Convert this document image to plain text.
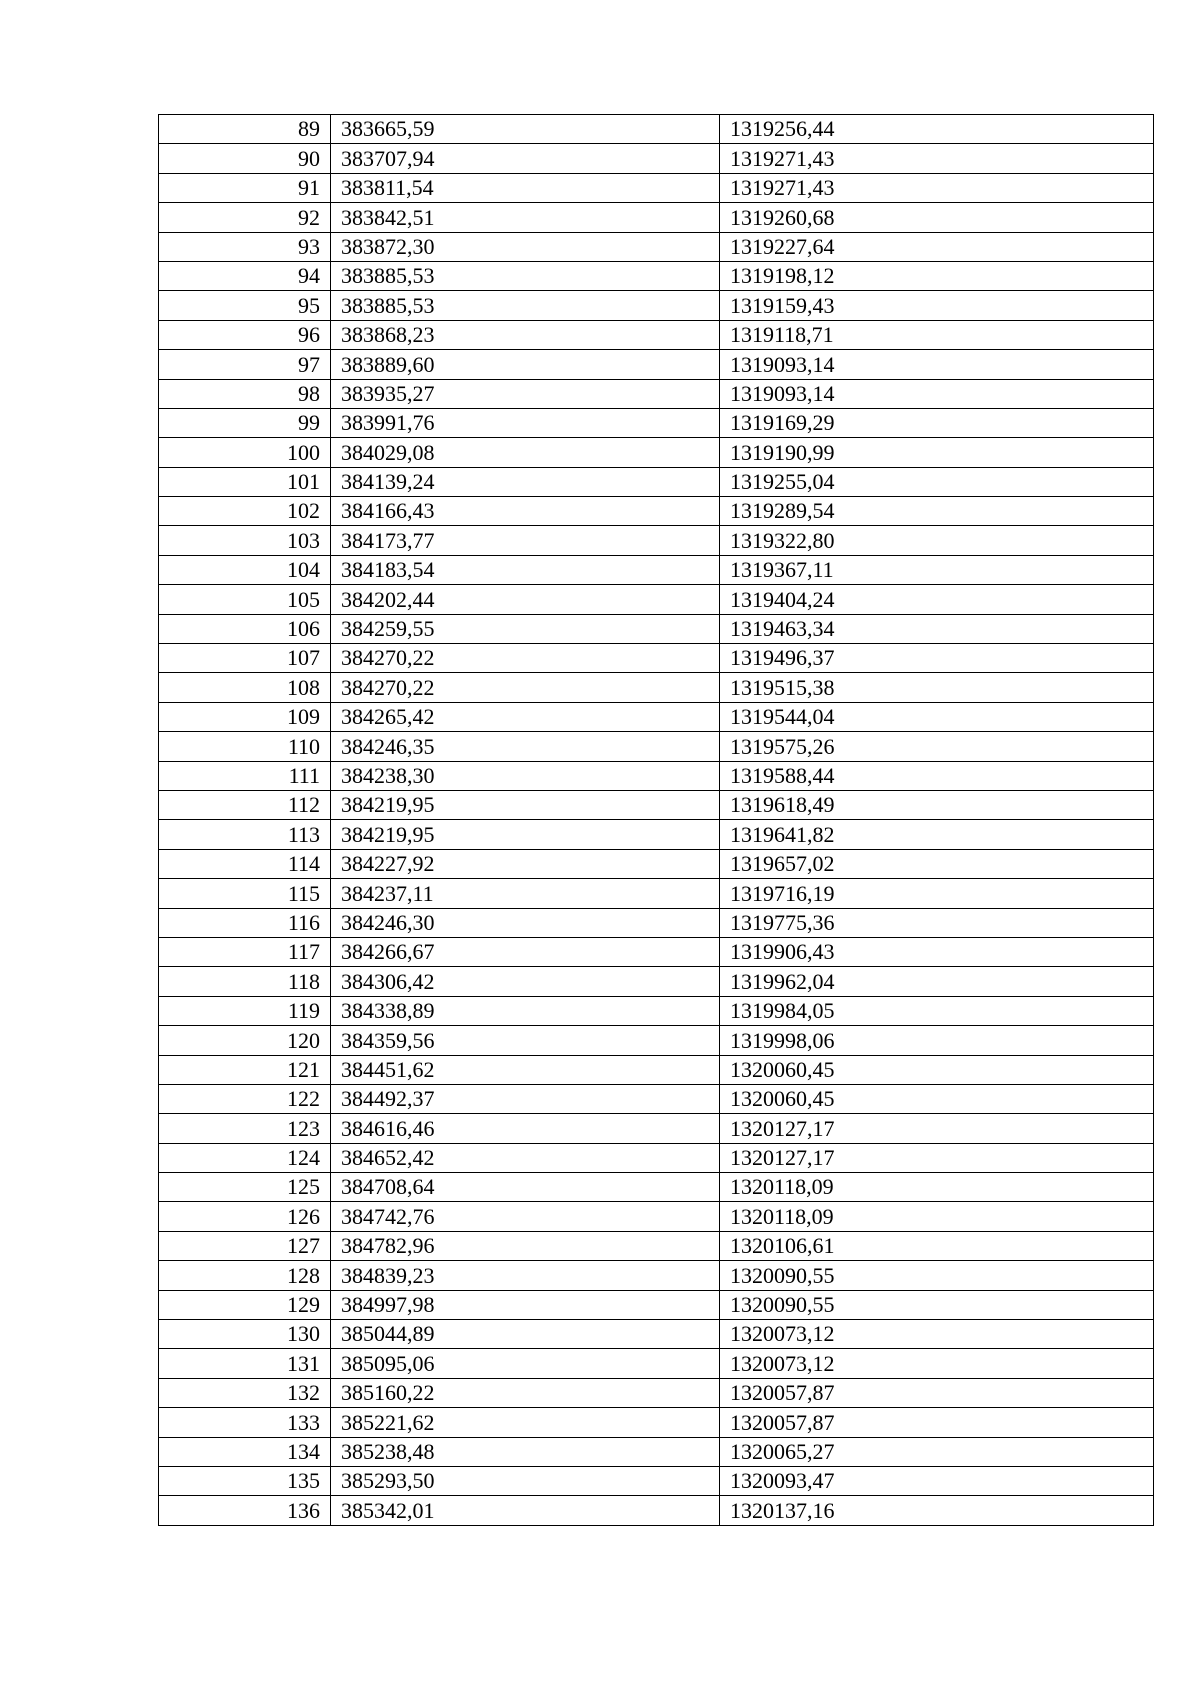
89	383665,59	1319256,44
90	383707,94	1319271,43
91	383811,54	1319271,43
92	383842,51	1319260,68
93	383872,30	1319227,64
94	383885,53	1319198,12
95	383885,53	1319159,43
96	383868,23	1319118,71
97	383889,60	1319093,14
98	383935,27	1319093,14
99	383991,76	1319169,29
100	384029,08	1319190,99
101	384139,24	1319255,04
102	384166,43	1319289,54
103	384173,77	1319322,80
104	384183,54	1319367,11
105	384202,44	1319404,24
106	384259,55	1319463,34
107	384270,22	1319496,37
108	384270,22	1319515,38
109	384265,42	1319544,04
110	384246,35	1319575,26
111	384238,30	1319588,44
112	384219,95	1319618,49
113	384219,95	1319641,82
114	384227,92	1319657,02
115	384237,11	1319716,19
116	384246,30	1319775,36
117	384266,67	1319906,43
118	384306,42	1319962,04
119	384338,89	1319984,05
120	384359,56	1319998,06
121	384451,62	1320060,45
122	384492,37	1320060,45
123	384616,46	1320127,17
124	384652,42	1320127,17
125	384708,64	1320118,09
126	384742,76	1320118,09
127	384782,96	1320106,61
128	384839,23	1320090,55
129	384997,98	1320090,55
130	385044,89	1320073,12
131	385095,06	1320073,12
132	385160,22	1320057,87
133	385221,62	1320057,87
134	385238,48	1320065,27
135	385293,50	1320093,47
136	385342,01	1320137,16
